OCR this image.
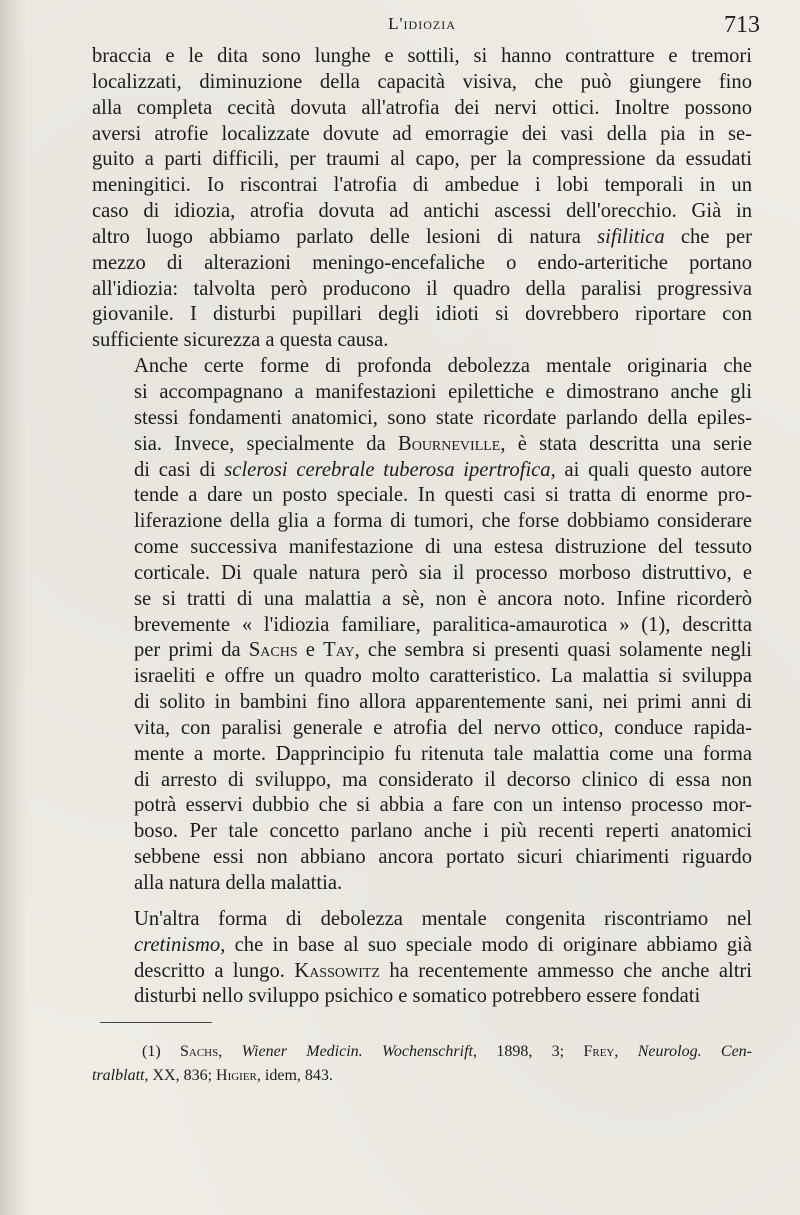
L'idiozia	713

braccia e le dita sono lunghe e sottili, si hanno contratture e tremori
localizzati, diminuzione della capacità visiva, che può giungere fino
alla completa cecità dovuta all'atrofia dei nervi ottici. Inoltre possono
aversi atrofie localizzate dovute ad emorragie dei vasi della pia in se-
guito a parti difficili, per traumi al capo, per la compressione da essudati
meningitici. Io riscontrai l'atrofia di ambedue i lobi temporali in un
caso di idiozia, atrofia dovuta ad antichi ascessi dell'orecchio. Già in
altro luogo abbiamo parlato delle lesioni di natura sifilitica che per
mezzo di alterazioni meningo-encefaliche o endo-arteritiche portano
all'idiozia: talvolta però producono il quadro della paralisi progressiva
giovanile. I disturbi pupillari degli idioti si dovrebbero riportare con
sufficiente sicurezza a questa causa.

Anche certe forme di profonda debolezza mentale originaria che
si accompagnano a manifestazioni epilettiche e dimostrano anche gli
stessi fondamenti anatomici, sono state ricordate parlando della epiles-
sia. Invece, specialmente da Bourneville, è stata descritta una serie
di casi di sclerosi cerebrale tuberosa ipertrofica, ai quali questo autore
tende a dare un posto speciale. In questi casi si tratta di enorme pro-
liferazione della glia a forma di tumori, che forse dobbiamo considerare
come successiva manifestazione di una estesa distruzione del tessuto
corticale. Di quale natura però sia il processo morboso distruttivo, e
se si tratti di una malattia a sè, non è ancora noto. Infine ricorderò
brevemente « l'idiozia familiare, paralitica-amaurotica » (1), descritta
per primi da Sachs e Tay, che sembra si presenti quasi solamente negli
israeliti e offre un quadro molto caratteristico. La malattia si sviluppa
di solito in bambini fino allora apparentemente sani, nei primi anni di
vita, con paralisi generale e atrofia del nervo ottico, conduce rapida-
mente a morte. Dapprincipio fu ritenuta tale malattia come una forma
di arresto di sviluppo, ma considerato il decorso clinico di essa non
potrà esservi dubbio che si abbia a fare con un intenso processo mor-
boso. Per tale concetto parlano anche i più recenti reperti anatomici
sebbene essi non abbiano ancora portato sicuri chiarimenti riguardo
alla natura della malattia.

Un'altra forma di debolezza mentale congenita riscontriamo nel
cretinismo, che in base al suo speciale modo di originare abbiamo già
descritto a lungo. Kassowitz ha recentemente ammesso che anche altri
disturbi nello sviluppo psichico e somatico potrebbero essere fondati

(1) Sachs, Wiener Medicin. Wochenschrift, 1898, 3; Frey, Neurolog. Cen-
tralblatt, XX, 836; Higier, idem, 843.
